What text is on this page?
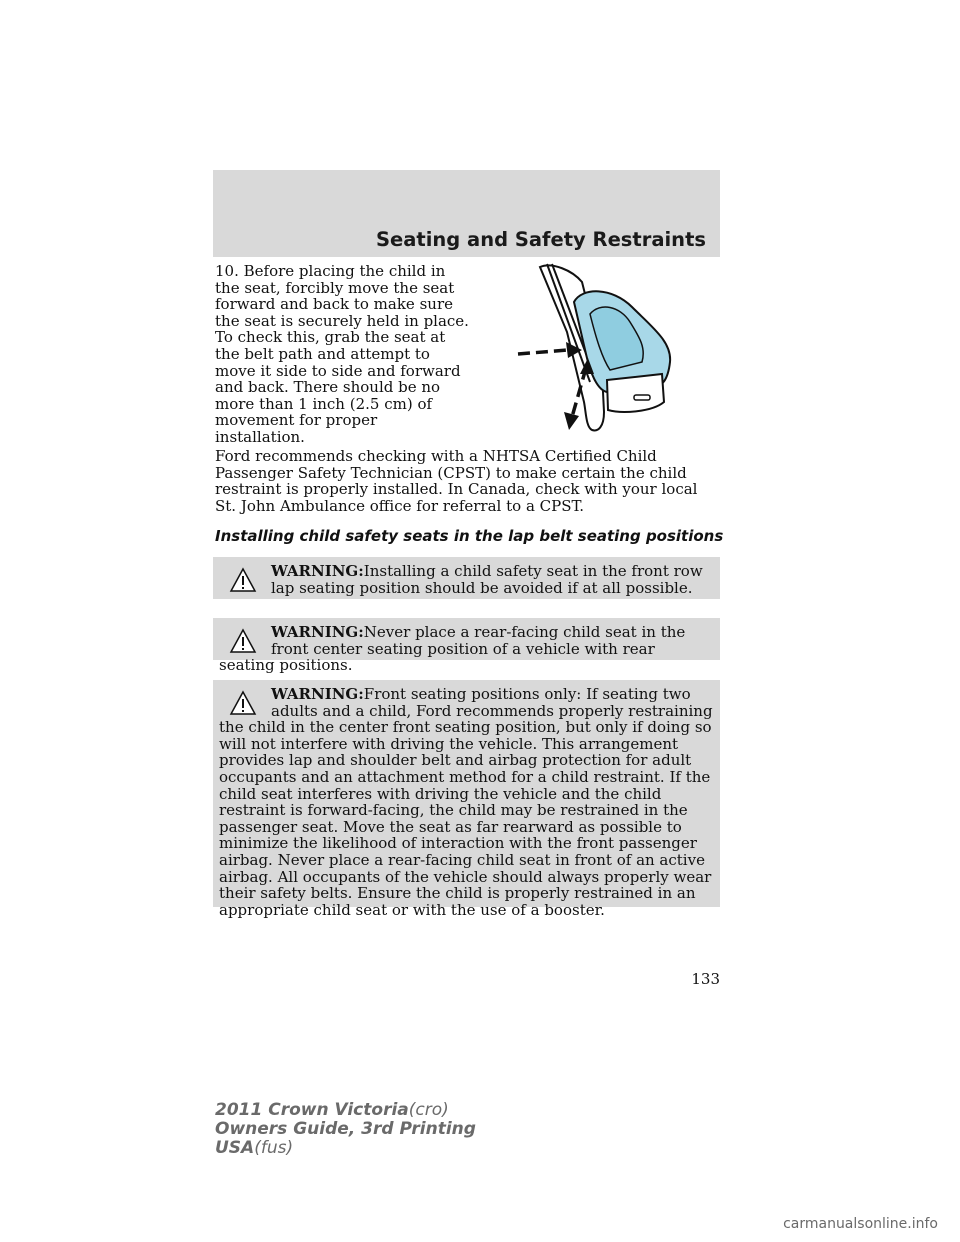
Seating and Safety Restraints
10. Before placing the child in the seat, forcibly move the seat forward and back to make sure the seat is securely held in place. To check this, grab the seat at the belt path and attempt to move it side to side and forward and back. There should be no more than 1 inch (2.5 cm) of movement for proper installation.
Ford recommends checking with a NHTSA Certified Child Passenger Safety Technician (CPST) to make certain the child restraint is properly installed. In Canada, check with your local St. John Ambulance office for referral to a CPST.
Installing child safety seats in the lap belt seating positions
WARNING:Installing a child safety seat in the front row lap seating position should be avoided if at all possible.
WARNING:Never place a rear-facing child seat in the front center seating position of a vehicle with rear seating positions.
WARNING:Front seating positions only: If seating two adults and a child, Ford recommends properly restraining the child in the center front seating position, but only if doing so will not interfere with driving the vehicle. This arrangement provides lap and shoulder belt and airbag protection for adult occupants and an attachment method for a child restraint. If the child seat interferes with driving the vehicle and the child restraint is forward-facing, the child may be restrained in the passenger seat. Move the seat as far rearward as possible to minimize the likelihood of interaction with the front passenger airbag. Never place a rear-facing child seat in front of an active airbag. All occupants of the vehicle should always properly wear their safety belts. Ensure the child is properly restrained in an appropriate child seat or with the use of a booster.
133
2011 Crown Victoria(cro)
Owners Guide, 3rd Printing
USA(fus)
carmanualsonline.info
